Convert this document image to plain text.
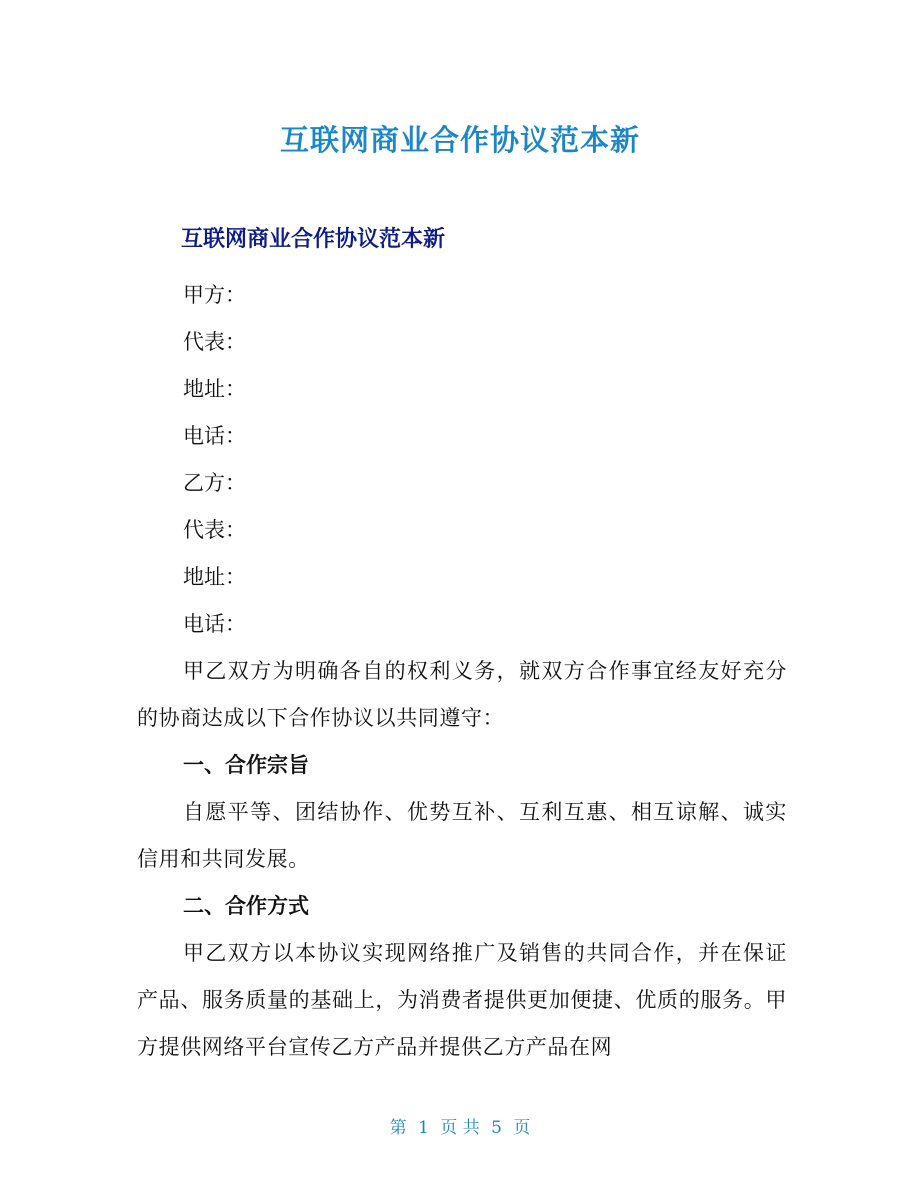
互联网商业合作协议范本新
互联网商业合作协议范本新
甲方：
代表：
地址：
电话：
乙方：
代表：
地址：
电话：

甲乙双方为明确各自的权利义务，就双方合作事宜经友好充分的协商达成以下合作协议以共同遵守：

一、合作宗旨

自愿平等、团结协作、优势互补、互利互惠、相互谅解、诚实信用和共同发展。

二、合作方式

甲乙双方以本协议实现网络推广及销售的共同合作，并在保证产品、服务质量的基础上，为消费者提供更加便捷、优质的服务。甲方提供网络平台宣传乙方产品并提供乙方产品在网

第 1 页 共 5 页
